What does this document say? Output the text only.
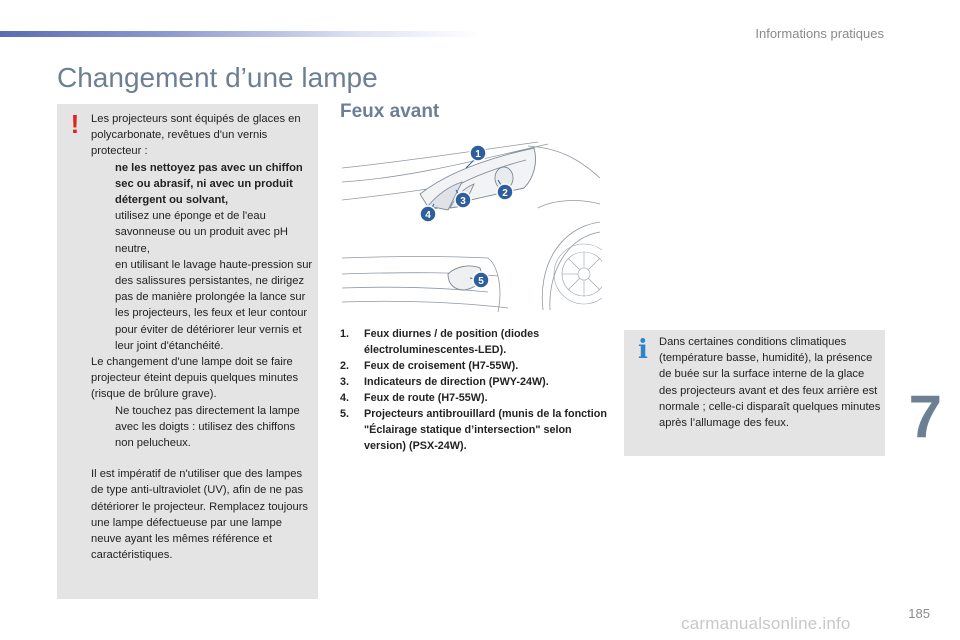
Informations pratiques
Changement d’une lampe
!	Les projecteurs sont équipés de glaces en polycarbonate, revêtues d'un vernis protecteur :

ne les nettoyez pas avec un chiffon sec ou abrasif, ni avec un produit détergent ou solvant,

utilisez une éponge et de l'eau savonneuse ou un produit avec pH neutre,

en utilisant le lavage haute-pression sur des salissures persistantes, ne dirigez pas de manière prolongée la lance sur les projecteurs, les feux et leur contour pour éviter de détériorer leur vernis et leur joint d'étanchéité.

Le changement d'une lampe doit se faire projecteur éteint depuis quelques minutes (risque de brûlure grave).

Ne touchez pas directement la lampe avec les doigts : utilisez des chiffons non pelucheux.

Il est impératif de n'utiliser que des lampes de type anti-ultraviolet (UV), afin de ne pas détériorer le projecteur. Remplacez toujours une lampe défectueuse par une lampe neuve ayant les mêmes référence et caractéristiques.

Feux avant
1
2
3
4
5
1. Feux diurnes / de position (diodes électroluminescentes-LED).
2. Feux de croisement (H7-55W).
3. Indicateurs de direction (PWY-24W).
4. Feux de route (H7-55W).
5. Projecteurs antibrouillard (munis de la fonction "Éclairage statique d’intersection" selon version) (PSX-24W).
i Dans certaines conditions climatiques (température basse, humidité), la présence de buée sur la surface interne de la glace des projecteurs avant et des feux arrière est normale ; celle-ci disparaît quelques minutes après l’allumage des feux.	7
185
carmanualsonline.info
